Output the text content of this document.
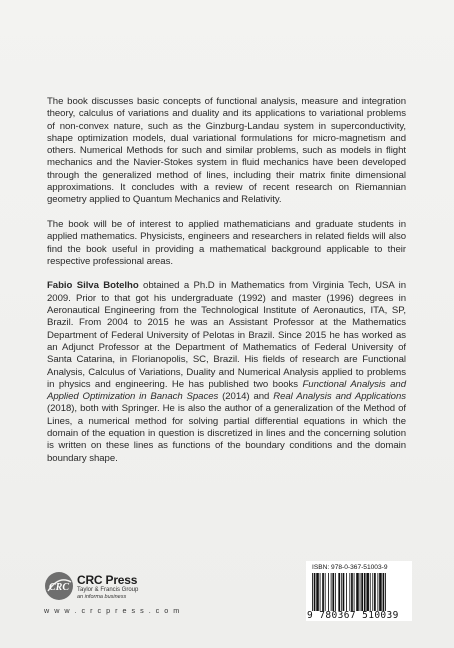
The book discusses basic concepts of functional analysis, measure and integration theory, calculus of variations and duality and its applications to variational problems of non-convex nature, such as the Ginzburg-Landau system in superconductivity, shape optimization models, dual variational formulations for micro-magnetism and others. Numerical Methods for such and similar problems, such as models in flight mechanics and the Navier-Stokes system in fluid mechanics have been developed through the generalized method of lines, including their matrix finite dimensional approximations. It concludes with a review of recent research on Riemannian geometry applied to Quantum Mechanics and Relativity.

The book will be of interest to applied mathematicians and graduate students in applied mathematics. Physicists, engineers and researchers in related fields will also find the book useful in providing a mathematical background applicable to their respective professional areas.

Fabio Silva Botelho obtained a Ph.D in Mathematics from Virginia Tech, USA in 2009. Prior to that got his undergraduate (1992) and master (1996) degrees in Aeronautical Engineering from the Technological Institute of Aeronautics, ITA, SP, Brazil. From 2004 to 2015 he was an Assistant Professor at the Mathematics Department of Federal University of Pelotas in Brazil. Since 2015 he has worked as an Adjunct Professor at the Department of Mathematics of Federal University of Santa Catarina, in Florianopolis, SC, Brazil. His fields of research are Functional Analysis, Calculus of Variations, Duality and Numerical Analysis applied to problems in physics and engineering. He has published two books Functional Analysis and Applied Optimization in Banach Spaces (2014) and Real Analysis and Applications (2018), both with Springer. He is also the author of a generalization of the Method of Lines, a numerical method for solving partial differential equations in which the domain of the equation in question is discretized in lines and the concerning solution is written on these lines as functions of the boundary conditions and the domain boundary shape.

CRC
CRC Press
Taylor & Francis Group
an informa business
w w w . c r c p r e s s . c o m
ISBN: 978-0-367-51003-9
9 780367 510039
